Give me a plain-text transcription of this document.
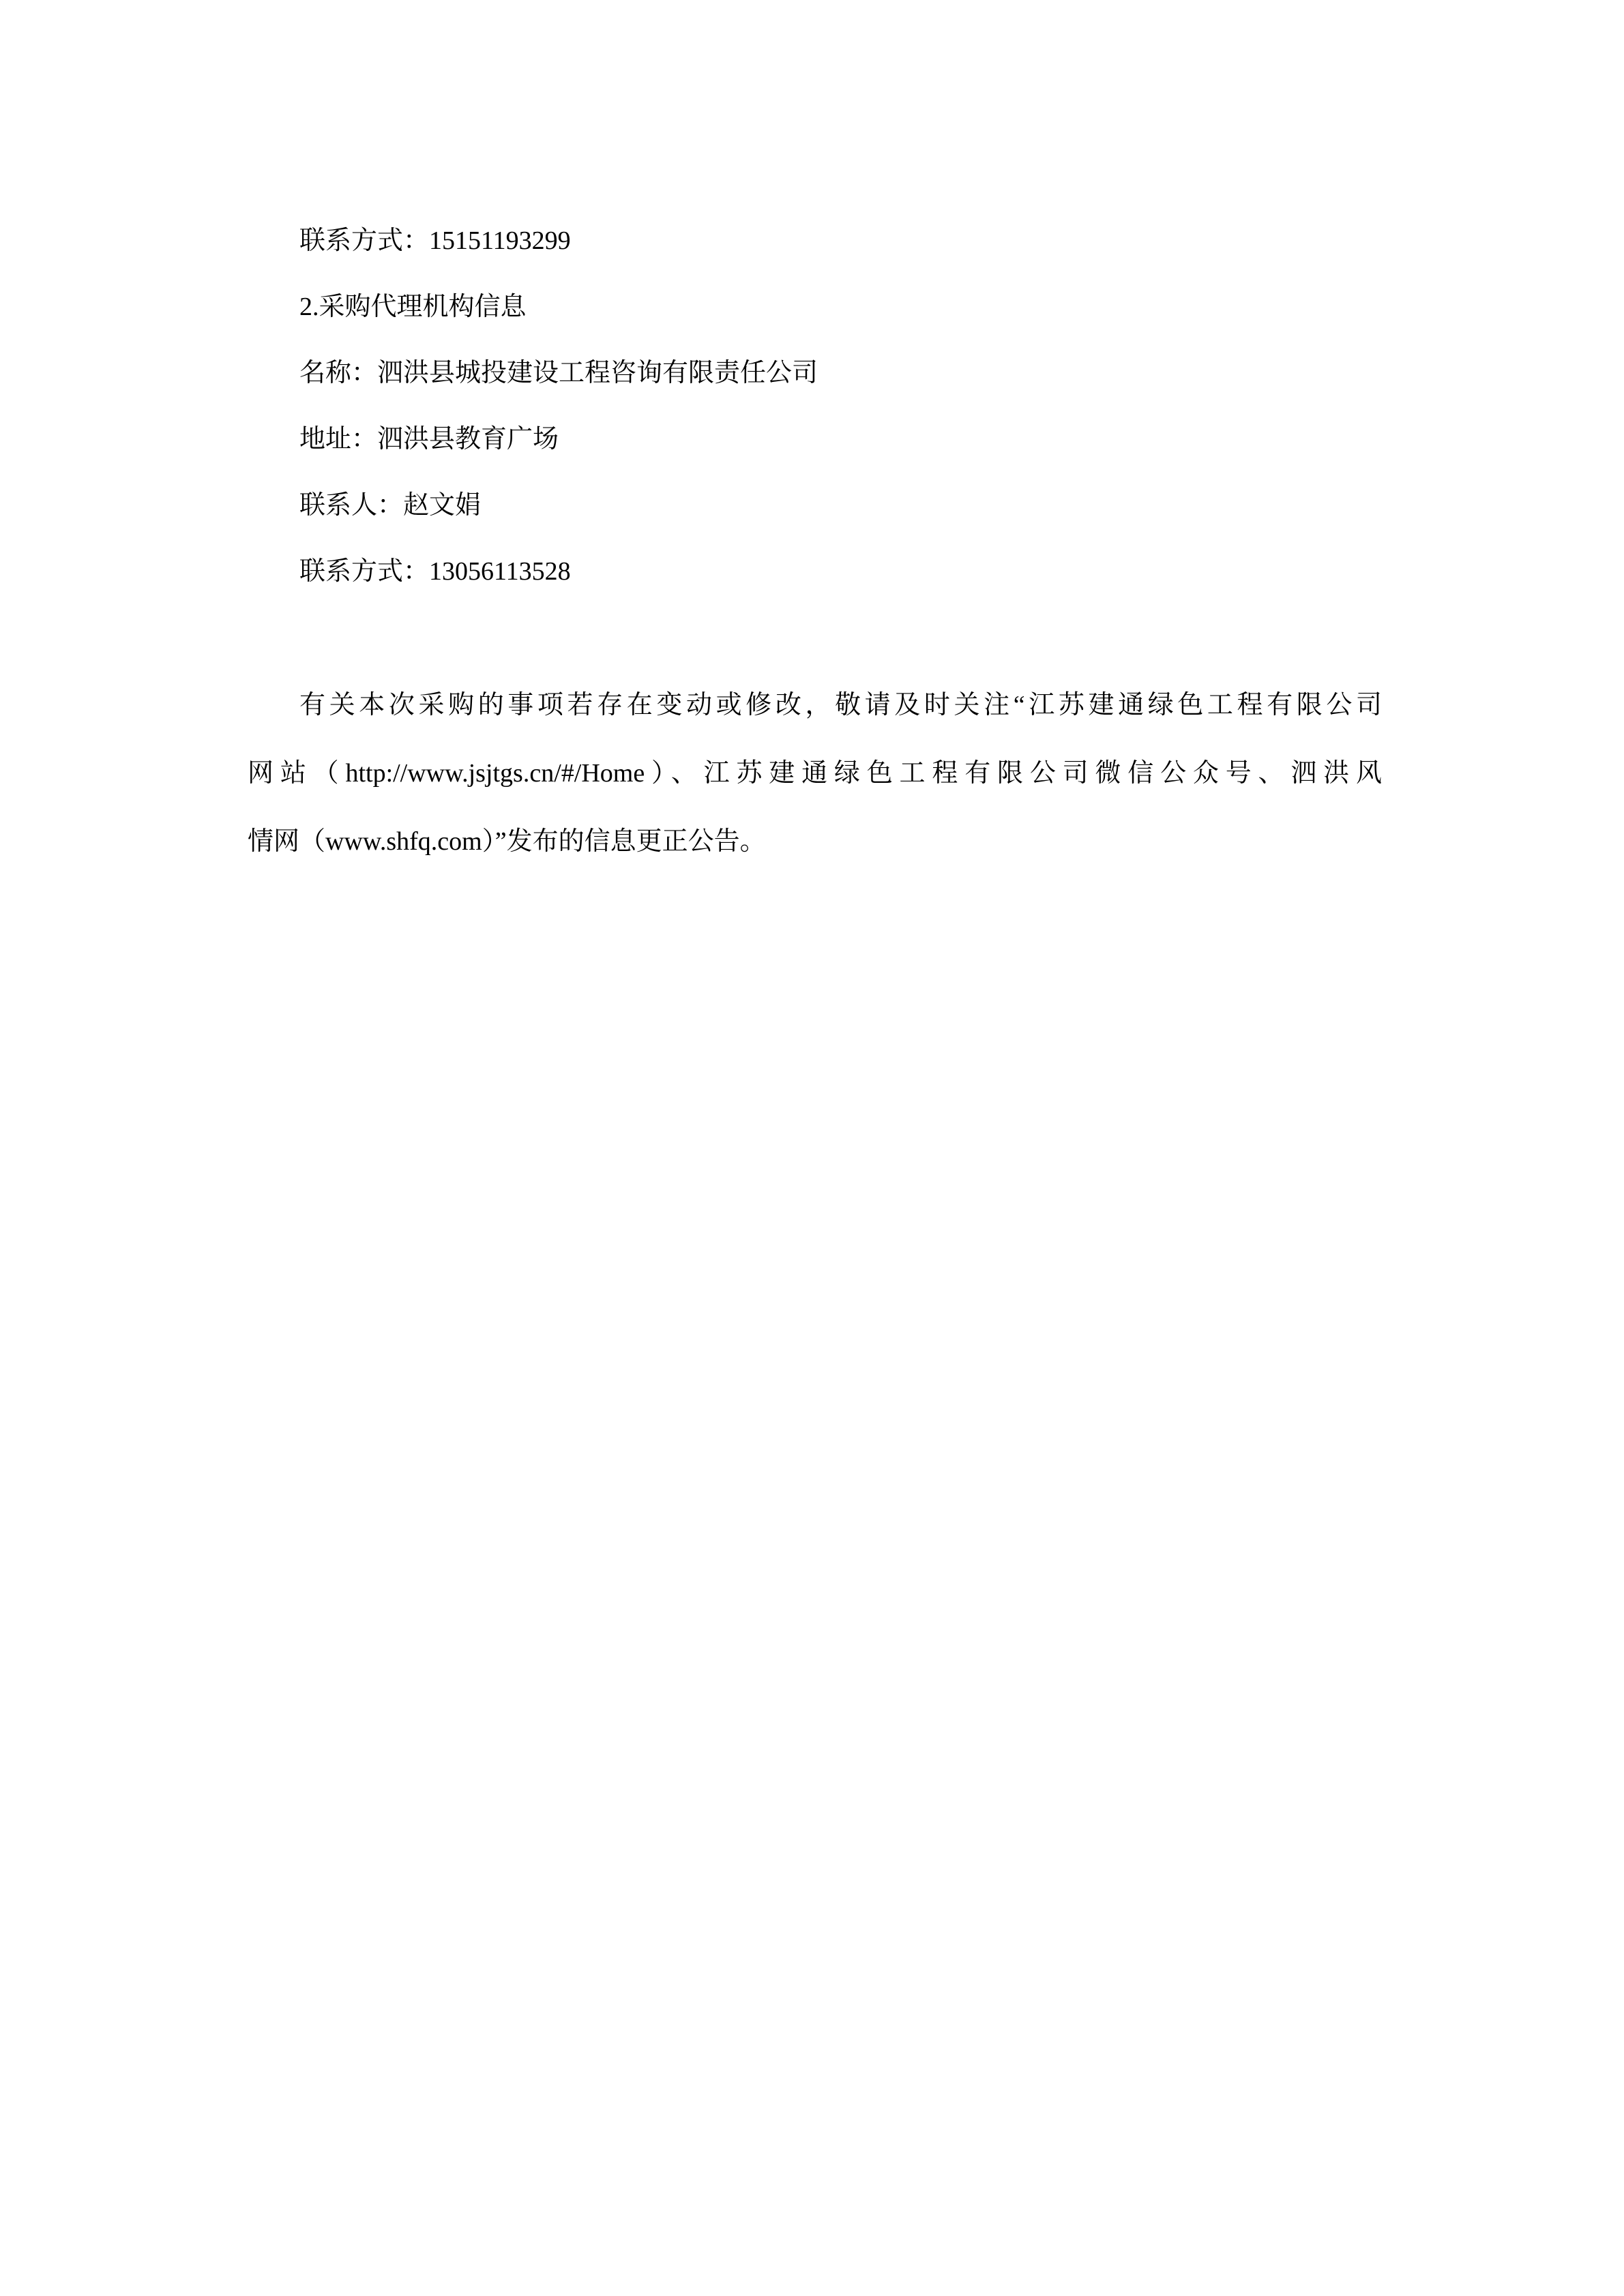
联系方式：15151193299

2.采购代理机构信息

名称：泗洪县城投建设工程咨询有限责任公司

地址：泗洪县教育广场

联系人：赵文娟

联系方式：13056113528

有关本次采购的事项若存在变动或修改，敬请及时关注“江苏建通绿色工程有限公司

网站（http://www.jsjtgs.cn/#/Home）、江苏建通绿色工程有限公司微信公众号、泗洪风

情网（www.shfq.com）”发布的信息更正公告。
